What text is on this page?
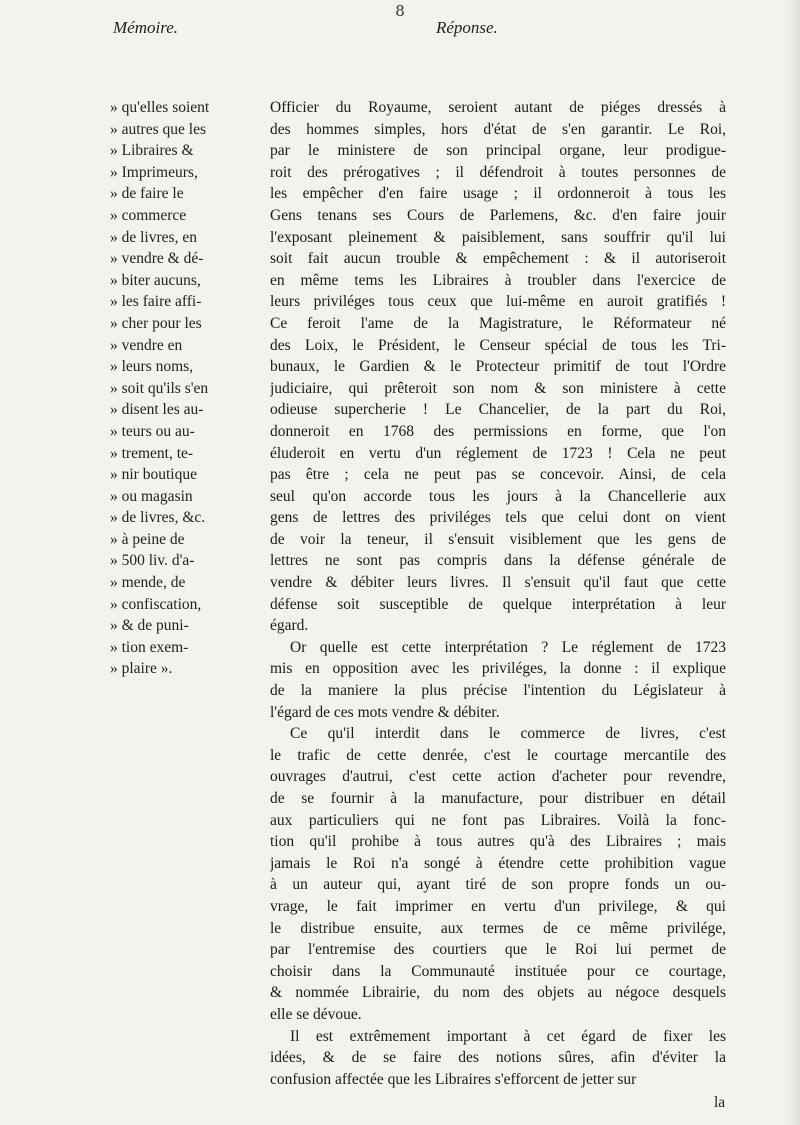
8
Mémoire.	Réponse.
» qu'elles soient
» autres que les
» Libraires &
» Imprimeurs,
» de faire le
» commerce
» de livres, en
» vendre & dé-
» biter aucuns,
» les faire affi-
» cher pour les
» vendre en
» leurs noms,
» soit qu'ils s'en
» disent les au-
» teurs ou au-
» trement, te-
» nir boutique
» ou magasin
» de livres, &c.
» à peine de
» 500 liv. d'a-
» mende, de
» confiscation,
» & de puni-
» tion exem-
» plaire ».
Officier du Royaume, seroient autant de piéges dressés à
des hommes simples, hors d'état de s'en garantir. Le Roi,
par le ministere de son principal organe, leur prodigue-
roit des prérogatives ; il défendroit à toutes personnes de
les empêcher d'en faire usage ; il ordonneroit à tous les
Gens tenans ses Cours de Parlemens, &c. d'en faire jouir
l'exposant pleinement & paisiblement, sans souffrir qu'il lui
soit fait aucun trouble & empêchement : & il autoriseroit
en même tems les Libraires à troubler dans l'exercice de
leurs priviléges tous ceux que lui-même en auroit gratifiés !
Ce feroit l'ame de la Magistrature, le Réformateur né
des Loix, le Président, le Censeur spécial de tous les Tri-
bunaux, le Gardien & le Protecteur primitif de tout l'Ordre
judiciaire, qui prêteroit son nom & son ministere à cette
odieuse supercherie ! Le Chancelier, de la part du Roi,
donneroit en 1768 des permissions en forme, que l'on
éluderoit en vertu d'un réglement de 1723 ! Cela ne peut
pas être ; cela ne peut pas se concevoir. Ainsi, de cela
seul qu'on accorde tous les jours à la Chancellerie aux
gens de lettres des priviléges tels que celui dont on vient
de voir la teneur, il s'ensuit visiblement que les gens de
lettres ne sont pas compris dans la défense générale de
vendre & débiter leurs livres. Il s'ensuit qu'il faut que cette
défense soit susceptible de quelque interprétation à leur
égard.
Or quelle est cette interprétation ? Le réglement de 1723
mis en opposition avec les priviléges, la donne : il explique
de la maniere la plus précise l'intention du Législateur à
l'égard de ces mots vendre & débiter.
Ce qu'il interdit dans le commerce de livres, c'est
le trafic de cette denrée, c'est le courtage mercantile des
ouvrages d'autrui, c'est cette action d'acheter pour revendre,
de se fournir à la manufacture, pour distribuer en détail
aux particuliers qui ne font pas Libraires. Voilà la fonc-
tion qu'il prohibe à tous autres qu'à des Libraires ; mais
jamais le Roi n'a songé à étendre cette prohibition vague
à un auteur qui, ayant tiré de son propre fonds un ou-
vrage, le fait imprimer en vertu d'un privilege, & qui
le distribue ensuite, aux termes de ce même privilége,
par l'entremise des courtiers que le Roi lui permet de
choisir dans la Communauté instituée pour ce courtage,
& nommée Librairie, du nom des objets au négoce desquels
elle se dévoue.
Il est extrêmement important à cet égard de fixer les
idées, & de se faire des notions sûres, afin d'éviter la
confusion affectée que les Libraires s'efforcent de jetter sur
la
